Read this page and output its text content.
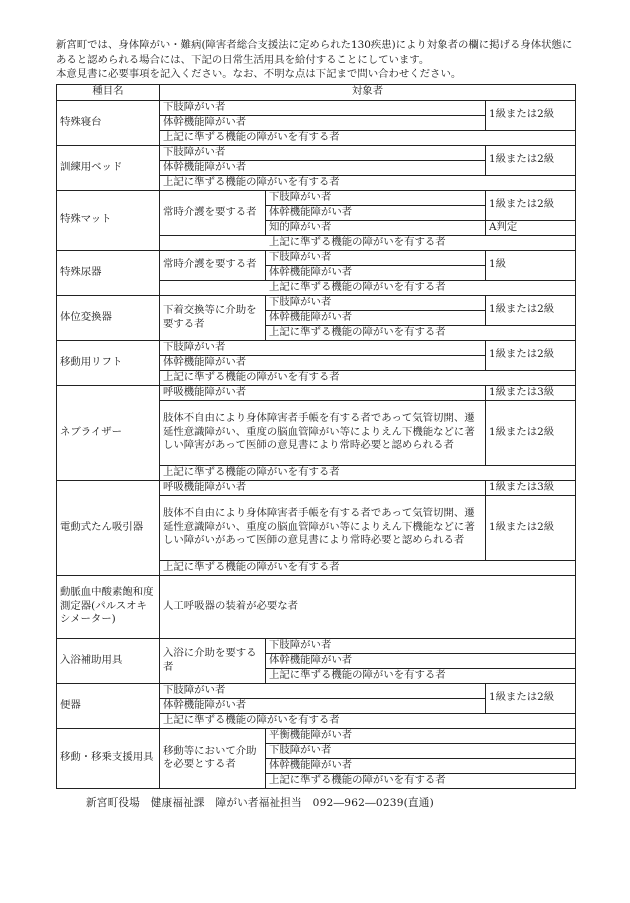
新宮町では、身体障がい・難病(障害者総合支援法に定められた130疾患)により対象者の欄に掲げる身体状態にあると認められる場合には、下記の日常生活用具を給付することにしています。

本意見書に必要事項を記入ください。なお、不明な点は下記まで問い合わせください。

種目名	対象者		
特殊寝台	下肢障がい者		1級または2級
	体幹機能障がい者		
	上記に準ずる機能の障がいを有する者		
訓練用ベッド	下肢障がい者		1級または2級
	体幹機能障がい者		
	上記に準ずる機能の障がいを有する者		
特殊マット	常時介護を要する者	下肢障がい者	1級または2級
		体幹機能障がい者	
		知的障がい者	A判定
	上記に準ずる機能の障がいを有する者		
特殊尿器	常時介護を要する者	下肢障がい者	1級
		体幹機能障がい者	
	上記に準ずる機能の障がいを有する者		
体位変換器	下着交換等に介助を要する者	下肢障がい者	1級または2級
		体幹機能障がい者	
		上記に準ずる機能の障がいを有する者	
移動用リフト	下肢障がい者		1級または2級
	体幹機能障がい者		
	上記に準ずる機能の障がいを有する者		
ネブライザー	呼吸機能障がい者		1級または3級
	肢体不自由により身体障害者手帳を有する者であって気管切開、遷延性意識障がい、重度の脳血管障がい等によりえん下機能などに著しい障害があって医師の意見書により常時必要と認められる者		1級または2級
	上記に準ずる機能の障がいを有する者		
電動式たん吸引器	呼吸機能障がい者		1級または3級
	肢体不自由により身体障害者手帳を有する者であって気管切開、遷延性意識障がい、重度の脳血管障がい等によりえん下機能などに著しい障がいがあって医師の意見書により常時必要と認められる者		1級または2級
	上記に準ずる機能の障がいを有する者		
動脈血中酸素飽和度測定器(パルスオキシメーター)	人工呼吸器の装着が必要な者		
入浴補助用具	入浴に介助を要する者	下肢障がい者	
		体幹機能障がい者	
		上記に準ずる機能の障がいを有する者	
便器	下肢障がい者		1級または2級
	体幹機能障がい者		
	上記に準ずる機能の障がいを有する者		
移動・移乗支援用具	移動等において介助を必要とする者	平衡機能障がい者	
		下肢障がい者	
		体幹機能障がい者	
		上記に準ずる機能の障がいを有する者	
新宮町役場　健康福祉課　障がい者福祉担当　092―962―0239(直通)
